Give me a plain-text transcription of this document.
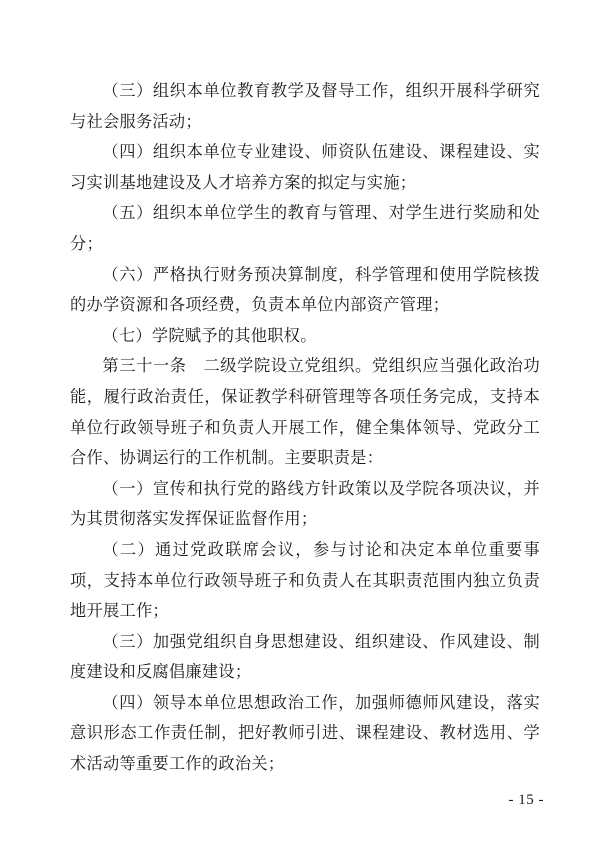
（三）组织本单位教育教学及督导工作，组织开展科学研究与社会服务活动；

（四）组织本单位专业建设、师资队伍建设、课程建设、实习实训基地建设及人才培养方案的拟定与实施；

（五）组织本单位学生的教育与管理、对学生进行奖励和处分；

（六）严格执行财务预决算制度，科学管理和使用学院核拨的办学资源和各项经费，负责本单位内部资产管理；

（七）学院赋予的其他职权。

第三十一条　二级学院设立党组织。党组织应当强化政治功能，履行政治责任，保证教学科研管理等各项任务完成，支持本单位行政领导班子和负责人开展工作，健全集体领导、党政分工合作、协调运行的工作机制。主要职责是：

（一）宣传和执行党的路线方针政策以及学院各项决议，并为其贯彻落实发挥保证监督作用；

（二）通过党政联席会议，参与讨论和决定本单位重要事项，支持本单位行政领导班子和负责人在其职责范围内独立负责地开展工作；

（三）加强党组织自身思想建设、组织建设、作风建设、制度建设和反腐倡廉建设；

（四）领导本单位思想政治工作，加强师德师风建设，落实意识形态工作责任制，把好教师引进、课程建设、教材选用、学术活动等重要工作的政治关；

- 15 -
